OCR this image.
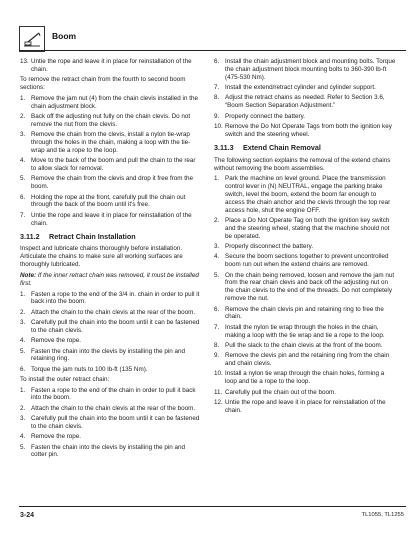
Boom
13. Untie the rope and leave it in place for reinstallation of the chain.

To remove the retract chain from the fourth to second boom sections:

1. Remove the jam nut (4) from the chain clevis installed in the chain adjustment block.
2. Back off the adjusting nut fully on the chain clevis. Do not remove the nut from the clevis.
3. Remove the chain from the clevis, install a nylon tie-wrap through the holes in the chain, making a loop with the tie-wrap and tie a rope to the loop.
4. Move to the back of the boom and pull the chain to the rear to allow slack for removal.
5. Remove the chain from the clevis and drop it free from the boom.
6. Holding the rope at the front, carefully pull the chain out through the back of the boom until it's free.
7. Untie the rope and leave it in place for reinstallation of the chain.
3.11.2	Retract Chain Installation

Inspect and lubricate chains thoroughly before installation. Articulate the chains to make sure all working surfaces are thoroughly lubricated.

Note: If the inner retract chain was removed, it must be installed first.

1. Fasten a rope to the end of the 3/4 in. chain in order to pull it back into the boom.
2. Attach the chain to the chain clevis at the rear of the boom.
3. Carefully pull the chain into the boom until it can be fastened to the chain clevis.
4. Remove the rope.
5. Fasten the chain into the clevis by installing the pin and retaining ring.
6. Torque the jam nuts to 100 lb-ft (135 Nm).

To install the outer retract chain:

1. Fasten a rope to the end of the chain in order to pull it back into the boom.
2. Attach the chain to the chain clevis at the rear of the boom.
3. Carefully pull the chain into the boom until it can be fastened to the chain clevis.
4. Remove the rope.
5. Fasten the chain into the clevis by installing the pin and cotter pin.
6. Install the chain adjustment block and mounting bolts. Torque the chain adjustment block mounting bolts to 360-390 lb-ft (475-530 Nm).
7. Install the extend/retract cylinder and cylinder support.
8. Adjust the retract chains as needed. Refer to Section 3.6, “Boom Section Separation Adjustment.”
9. Properly connect the battery.
10. Remove the Do Not Operate Tags from both the ignition key switch and the steering wheel.
3.11.3	Extend Chain Removal

The following section explains the removal of the extend chains without removing the boom assemblies.

1. Park the machine on level ground. Place the transmission control lever in (N) NEUTRAL, engage the parking brake switch, level the boom, extend the boom far enough to access the chain anchor and the clevis through the top rear access hole, shut the engine OFF.
2. Place a Do Not Operate Tag on both the ignition key switch and the steering wheel, stating that the machine should not be operated.
3. Properly disconnect the battery.
4. Secure the boom sections together to prevent uncontrolled boom run out when the extend chains are removed.
5. On the chain being removed, loosen and remove the jam nut from the rear chain clevis and back off the adjusting nut on the chain clevis to the end of the threads. Do not completely remove the nut.
6. Remove the chain clevis pin and retaining ring to free the chain.
7. Install the nylon tie wrap through the holes in the chain, making a loop with the tie wrap and tie a rope to the loop.
8. Pull the slack to the chain clevis at the front of the boom.
9. Remove the clevis pin and the retaining ring from the chain and chain clevis.
10. Install a nylon tie wrap through the chain holes, forming a loop and tie a rope to the loop.
11. Carefully pull the chain out of the boom.
12. Untie the rope and leave it in place for reinstallation of the chain.
3-24	TL1055, TL1255
